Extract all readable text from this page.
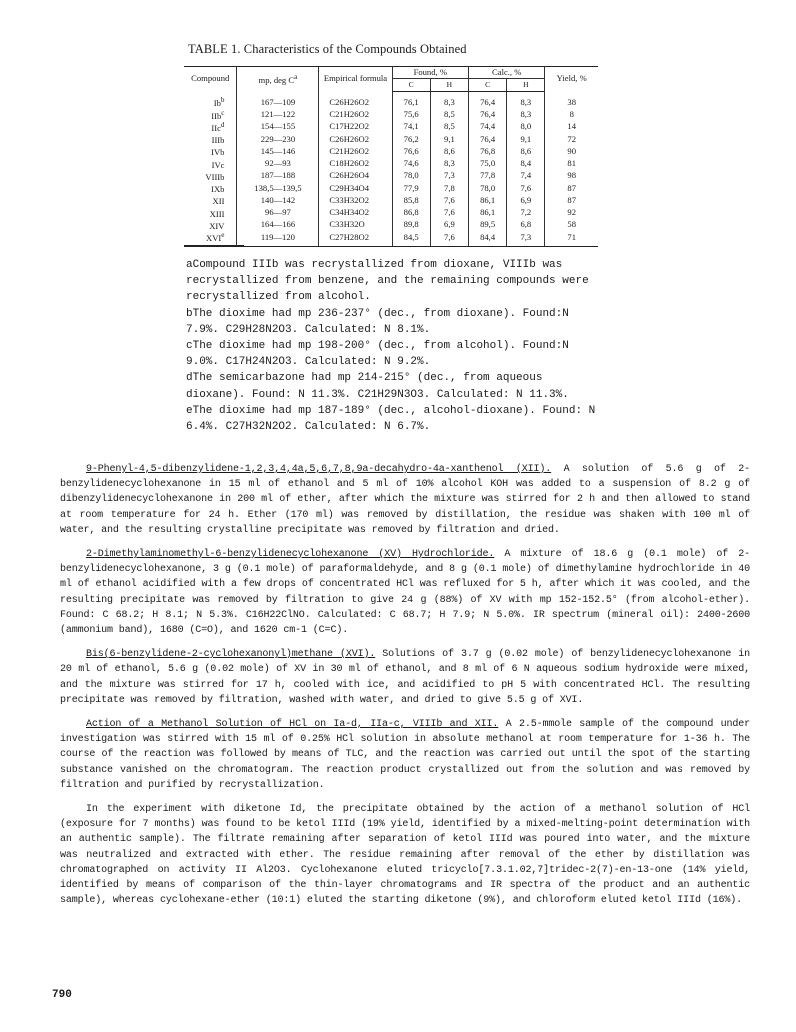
TABLE 1. Characteristics of the Compounds Obtained
Compound	mp, deg $C^a$	Empirical formula	Found, %		Calc., %		Yield, %
			C	H	C	H	
Ib$^b$	167—109	C26H26O2	76,1	8,3	76,4	8,3	38
IIb$^c$	121—122	C21H26O2	75,6	8,5	76,4	8,3	8
IIc$^d$	154—155	C17H22O2	74,1	8,5	74,4	8,0	14
IIIb	229—230	C26H26O2	76,2	9,1	76,4	9,1	72
IVb	145—146	C21H26O2	76,6	8,6	76,8	8,6	90
IVc	92—93	C18H26O2	74,6	8,3	75,0	8,4	81
VIIIb	187—188	C26H26O4	78,0	7,3	77,8	7,4	98
IXb	138,5—139,5	C29H34O4	77,9	7,8	78,0	7,6	87
XII	140—142	C33H32O2	85,8	7,6	86,1	6,9	87
XIII	96—97	C34H34O2	86,8	7,6	86,1	7,2	92
XIV	164—166	C33H32O	89,8	6,9	89,5	6,8	58
XVIe	119—120	C27H28O2	84,5	7,6	84,4	7,3	71

aCompound IIIb was recrystallized from dioxane, VIIIb was recrystallized from benzene, and the remaining compounds were recrystallized from alcohol.

bThe dioxime had mp 236-237° (dec., from dioxane). Found:N 7.9%. C29H28N2O3. Calculated: N 8.1%.

cThe dioxime had mp 198-200° (dec., from alcohol). Found:N 9.0%. C17H24N2O3. Calculated: N 9.2%.

dThe semicarbazone had mp 214-215° (dec., from aqueous dioxane). Found: N 11.3%. C21H29N3O3. Calculated: N 11.3%.

eThe dioxime had mp 187-189° (dec., alcohol-dioxane). Found: N 6.4%. C27H32N2O2. Calculated: N 6.7%.

9-Phenyl-4,5-dibenzylidene-1,2,3,4,4a,5,6,7,8,9a-decahydro-4a-xanthenol (XII). A solution of 5.6 g of 2-benzylidenecyclohexanone in 15 ml of ethanol and 5 ml of 10% alcohol KOH was added to a suspension of 8.2 g of dibenzylidenecyclohexanone in 200 ml of ether, after which the mixture was stirred for 2 h and then allowed to stand at room temperature for 24 h. Ether (170 ml) was removed by distillation, the residue was shaken with 100 ml of water, and the resulting crystalline precipitate was removed by filtration and dried.

2-Dimethylaminomethyl-6-benzylidenecyclohexanone (XV) Hydrochloride. A mixture of 18.6 g (0.1 mole) of 2-benzylidenecyclohexanone, 3 g (0.1 mole) of paraformaldehyde, and 8 g (0.1 mole) of dimethylamine hydrochloride in 40 ml of ethanol acidified with a few drops of concentrated HCl was refluxed for 5 h, after which it was cooled, and the resulting precipitate was removed by filtration to give 24 g (88%) of XV with mp 152-152.5° (from alcohol-ether). Found: C 68.2; H 8.1; N 5.3%. C16H22ClNO. Calculated: C 68.7; H 7.9; N 5.0%. IR spectrum (mineral oil): 2400-2600 (ammonium band), 1680 (C=O), and 1620 cm-1 (C=C).

Bis(6-benzylidene-2-cyclohexanonyl)methane (XVI). Solutions of 3.7 g (0.02 mole) of benzylidenecyclohexanone in 20 ml of ethanol, 5.6 g (0.02 mole) of XV in 30 ml of ethanol, and 8 ml of 6 N aqueous sodium hydroxide were mixed, and the mixture was stirred for 17 h, cooled with ice, and acidified to pH 5 with concentrated HCl. The resulting precipitate was removed by filtration, washed with water, and dried to give 5.5 g of XVI.

Action of a Methanol Solution of HCl on Ia-d, IIa-c, VIIIb and XII. A 2.5-mmole sample of the compound under investigation was stirred with 15 ml of 0.25% HCl solution in absolute methanol at room temperature for 1-36 h. The course of the reaction was followed by means of TLC, and the reaction was carried out until the spot of the starting substance vanished on the chromatogram. The reaction product crystallized out from the solution and was removed by filtration and purified by recrystallization.

In the experiment with diketone Id, the precipitate obtained by the action of a methanol solution of HCl (exposure for 7 months) was found to be ketol IIId (19% yield, identified by a mixed-melting-point determination with an authentic sample). The filtrate remaining after separation of ketol IIId was poured into water, and the mixture was neutralized and extracted with ether. The residue remaining after removal of the ether by distillation was chromatographed on activity II Al2O3. Cyclohexanone eluted tricyclo[7.3.1.02,7]tridec-2(7)-en-13-one (14% yield, identified by means of comparison of the thin-layer chromatograms and IR spectra of the product and an authentic sample), whereas cyclohexane-ether (10:1) eluted the starting diketone (9%), and chloroform eluted ketol IIId (16%).

790
